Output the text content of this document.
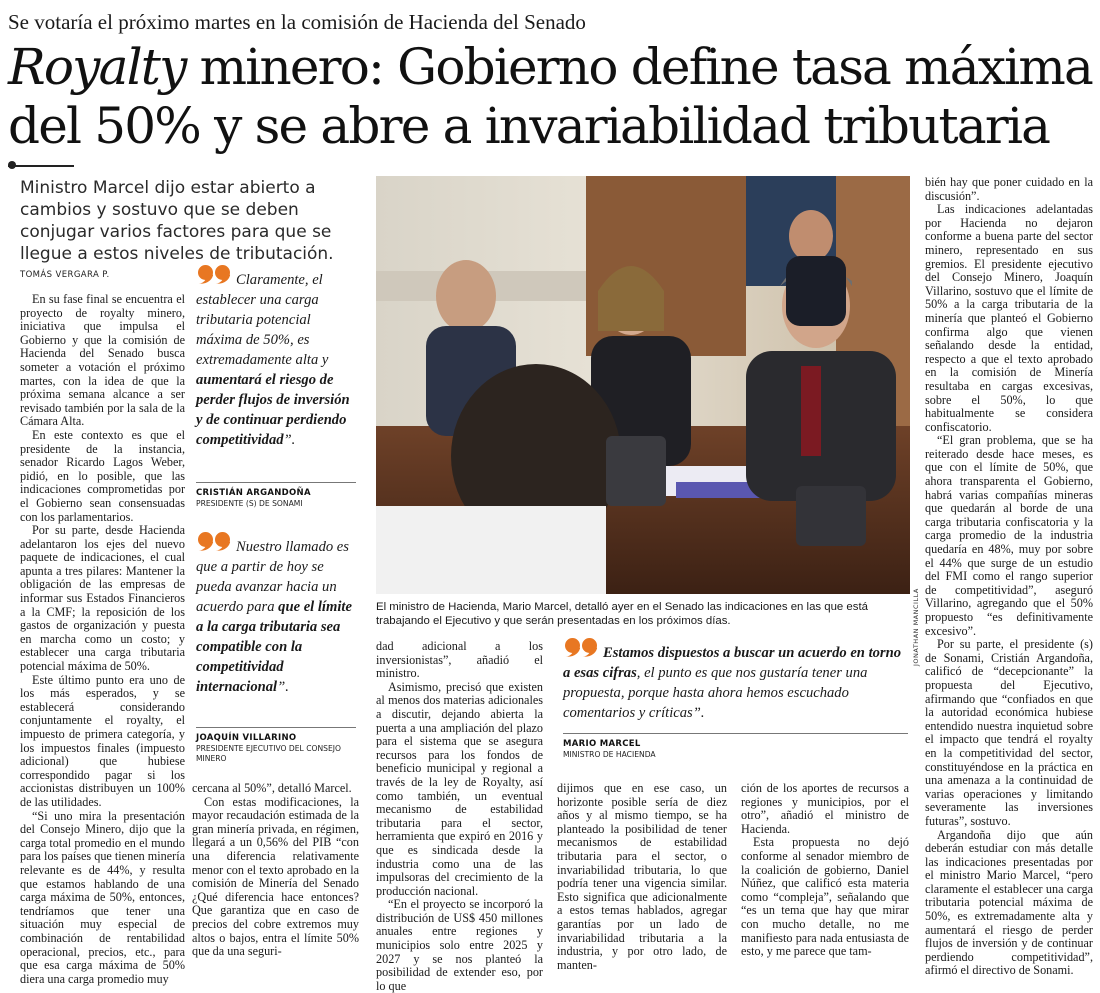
Se votaría el próximo martes en la comisión de Hacienda del Senado
Royalty minero: Gobierno define tasa máxima
del 50% y se abre a invariabilidad tributaria
Ministro Marcel dijo estar abierto a cambios y sostuvo que se deben conjugar varios factores para que se llegue a estos niveles de tributación.
TOMÁS VERGARA P.

En su fase final se encuentra el proyecto de royalty minero, iniciativa que impulsa el Gobierno y que la comisión de Hacienda del Senado busca someter a votación el próximo martes, con la idea de que la próxima semana alcance a ser revisado también por la sala de la Cámara Alta.

En este contexto es que el presidente de la instancia, senador Ricardo Lagos Weber, pidió, en lo posible, que las indicaciones comprometidas por el Gobierno sean consensuadas con los parlamentarios.

Por su parte, desde Hacienda adelantaron los ejes del nuevo paquete de indicaciones, el cual apunta a tres pilares: Mantener la obligación de las empresas de informar sus Estados Financieros a la CMF; la reposición de los gastos de organización y puesta en marcha como un costo; y establecer una carga tributaria potencial máxima de 50%.

Este último punto era uno de los más esperados, y se establecerá considerando conjuntamente el royalty, el impuesto de primera categoría, y los impuestos finales (impuesto adicional) que hubiese correspondido pagar si los accionistas distribuyen un 100% de las utilidades.

“Si uno mira la presentación del Consejo Minero, dijo que la carga total promedio en el mundo para los países que tienen minería relevante es de 44%, y resulta que estamos hablando de una carga máxima de 50%, entonces, tendríamos que tener una situación muy especial de combinación de rentabilidad operacional, precios, etc., para que esa carga máxima de 50% diera una carga promedio muy

Claramente, el establecer una carga tributaria potencial máxima de 50%, es extremadamente alta y aumentará el riesgo de perder flujos de inversión y de continuar perdiendo competitividad”.
CRISTIÁN ARGANDOÑA
PRESIDENTE (S) DE SONAMI
Nuestro llamado es que a partir de hoy se pueda avanzar hacia un acuerdo para que el límite a la carga tributaria sea compatible con la competitividad internacional”.
JOAQUÍN VILLARINO
PRESIDENTE EJECUTIVO DEL CONSEJO MINERO

cercana al 50%”, detalló Marcel.

Con estas modificaciones, la mayor recaudación estimada de la gran minería privada, en régimen, llegará a un 0,56% del PIB “con una diferencia relativamente menor con el texto aprobado en la comisión de Minería del Senado ¿Qué diferencia hace entonces? Que garantiza que en caso de precios del cobre extremos muy altos o bajos, entra el límite 50% que da una seguri-

JONATHAN MANCILLA
El ministro de Hacienda, Mario Marcel, detalló ayer en el Senado las indicaciones en las que está trabajando el Ejecutivo y que serán presentadas en los próximos días.

dad adicional a los inversionistas”, añadió el ministro.

Asimismo, precisó que existen al menos dos materias adicionales a discutir, dejando abierta la puerta a una ampliación del plazo para el sistema que se asegura recursos para los fondos de beneficio municipal y regional a través de la ley de Royalty, así como también, un eventual mecanismo de estabilidad tributaria para el sector, herramienta que expiró en 2016 y que es sindicada desde la industria como una de las impulsoras del crecimiento de la producción nacional.

“En el proyecto se incorporó la distribución de US$ 450 millones anuales entre regiones y municipios solo entre 2025 y 2027 y se nos planteó la posibilidad de extender eso, por lo que

Estamos dispuestos a buscar un acuerdo en torno a esas cifras, el punto es que nos gustaría tener una propuesta, porque hasta ahora hemos escuchado comentarios y críticas”.
MARIO MARCEL
MINISTRO DE HACIENDA

dijimos que en ese caso, un horizonte posible sería de diez años y al mismo tiempo, se ha planteado la posibilidad de tener mecanismos de estabilidad tributaria para el sector, o invariabilidad tributaria, lo que podría tener una vigencia similar. Esto significa que adicionalmente a estos temas hablados, agregar garantías por un lado de invariabilidad tributaria a la industria, y por otro lado, de manten-

ción de los aportes de recursos a regiones y municipios, por el otro”, añadió el ministro de Hacienda.

Esta propuesta no dejó conforme al senador miembro de la coalición de gobierno, Daniel Núñez, que calificó esta materia como “compleja”, señalando que “es un tema que hay que mirar con mucho detalle, no me manifiesto para nada entusiasta de esto, y me parece que tam-

bién hay que poner cuidado en la discusión”.

Las indicaciones adelantadas por Hacienda no dejaron conforme a buena parte del sector minero, representado en sus gremios. El presidente ejecutivo del Consejo Minero, Joaquín Villarino, sostuvo que el límite de 50% a la carga tributaria de la minería que planteó el Gobierno confirma algo que vienen señalando desde la entidad, respecto a que el texto aprobado en la comisión de Minería resultaba en cargas excesivas, sobre el 50%, lo que habitualmente se considera confiscatorio.

“El gran problema, que se ha reiterado desde hace meses, es que con el límite de 50%, que ahora transparenta el Gobierno, habrá varias compañías mineras que quedarán al borde de una carga tributaria confiscatoria y la carga promedio de la industria quedaría en 48%, muy por sobre el 44% que surge de un estudio del FMI como el rango superior de competitividad”, aseguró Villarino, agregando que el 50% propuesto “es definitivamente excesivo”.

Por su parte, el presidente (s) de Sonami, Cristián Argandoña, calificó de “decepcionante” la propuesta del Ejecutivo, afirmando que “confiados en que la autoridad económica hubiese entendido nuestra inquietud sobre el impacto que tendrá el royalty en la competitividad del sector, constituyéndose en la práctica en una amenaza a la continuidad de varias operaciones y limitando severamente las inversiones futuras”, sostuvo.

Argandoña dijo que aún deberán estudiar con más detalle las indicaciones presentadas por el ministro Mario Marcel, “pero claramente el establecer una carga tributaria potencial máxima de 50%, es extremadamente alta y aumentará el riesgo de perder flujos de inversión y de continuar perdiendo competitividad”, afirmó el directivo de Sonami.
